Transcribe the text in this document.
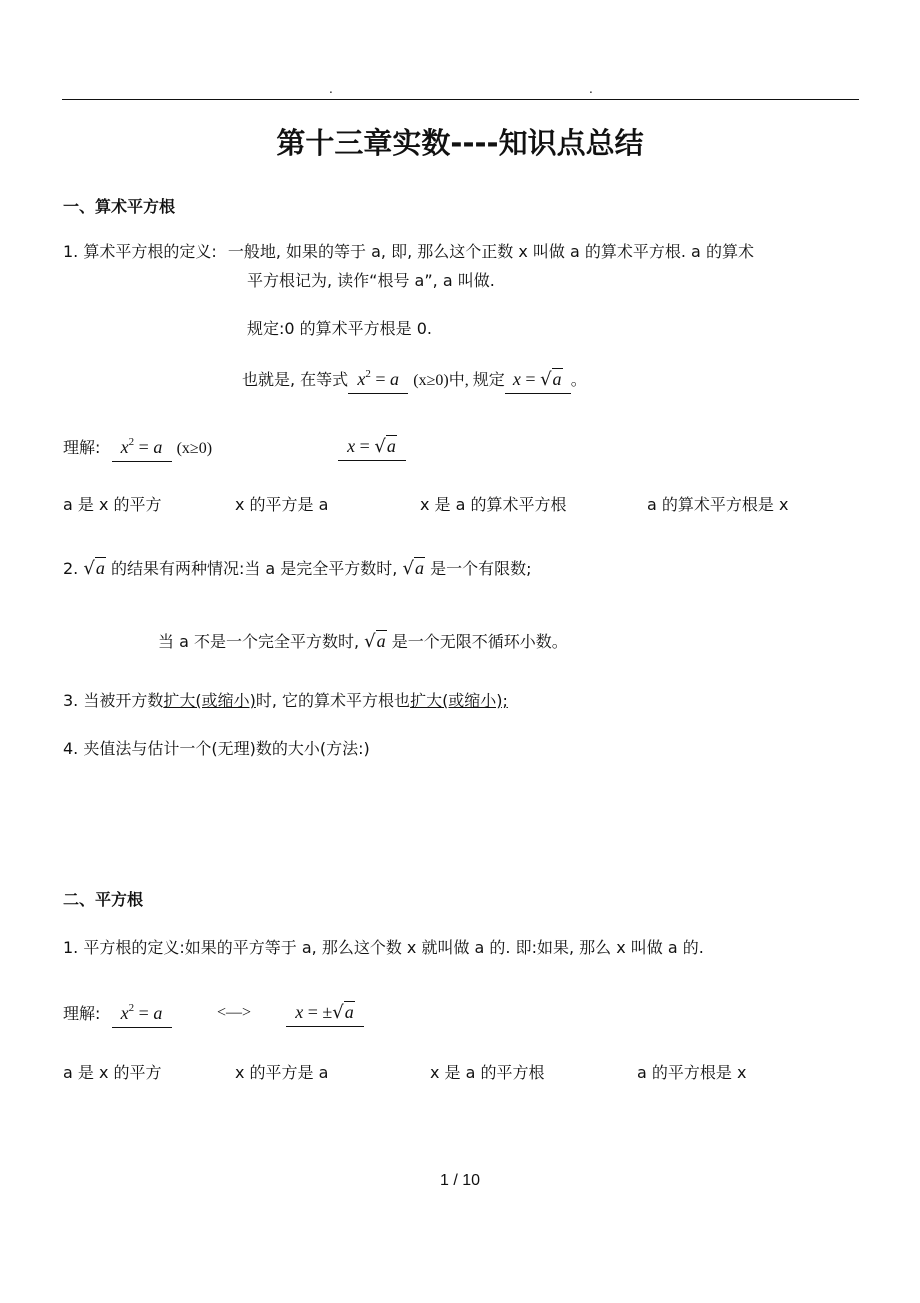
.	.
第十三章实数----知识点总结
一、算术平方根
1. 算术平方根的定义: 一般地, 如果的等于 a, 即, 那么这个正数 x 叫做 a 的算术平方根. a 的算术
平方根记为, 读作“根号 a”, a 叫做.
规定:0 的算术平方根是 0.
也就是, 在等式 $x^2 = a$ (x≥0)中, 规定 x = √a 。
理解: $x^2 = a$ (x≥0)	x = √a
a 是 x 的平方	x 的平方是 a	x 是 a 的算术平方根	a 的算术平方根是 x
2. √a 的结果有两种情况:当 a 是完全平方数时, √a 是一个有限数;
当 a 不是一个完全平方数时, √a 是一个无限不循环小数。
3. 当被开方数扩大(或缩小)时, 它的算术平方根也扩大(或缩小);
4. 夹值法与估计一个(无理)数的大小(方法:)
二、平方根
1. 平方根的定义:如果的平方等于 a, 那么这个数 x 就叫做 a 的. 即:如果, 那么 x 叫做 a 的.
理解: $x^2 = a$	<—>	x = ±√a
a 是 x 的平方	x 的平方是 a	x 是 a 的平方根	a 的平方根是 x
1 / 10
